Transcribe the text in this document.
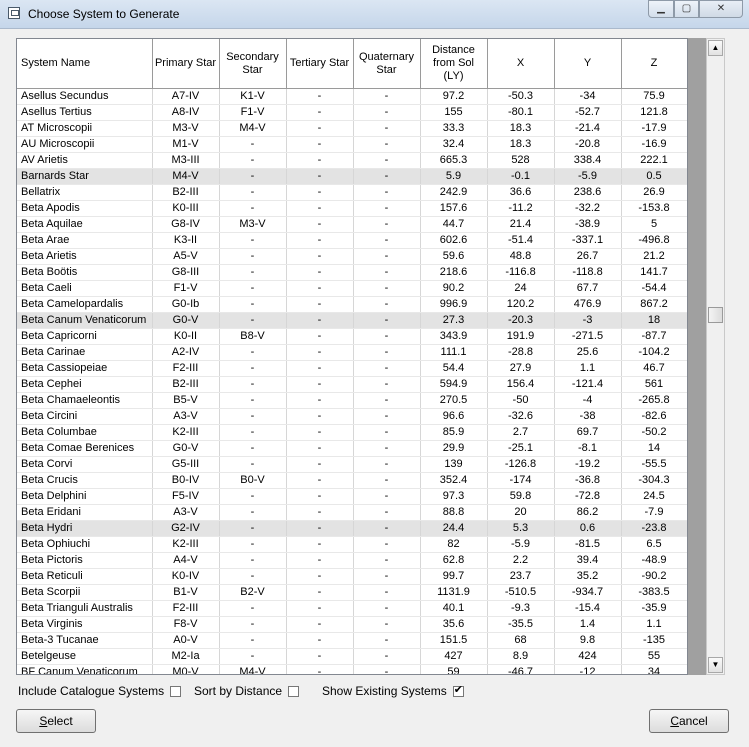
Choose System to Generate	▁	▢	✕
System Name	Primary Star	Secondary Star	Tertiary Star	Quaternary Star	Distance from Sol (LY)	X	Y	Z
Asellus Secundus	A7-IV	K1-V	-	-	97.2	-50.3	-34	75.9
Asellus Tertius	A8-IV	F1-V	-	-	155	-80.1	-52.7	121.8
AT Microscopii	M3-V	M4-V	-	-	33.3	18.3	-21.4	-17.9
AU Microscopii	M1-V	-	-	-	32.4	18.3	-20.8	-16.9
AV Arietis	M3-III	-	-	-	665.3	528	338.4	222.1
Barnards Star	M4-V	-	-	-	5.9	-0.1	-5.9	0.5
Bellatrix	B2-III	-	-	-	242.9	36.6	238.6	26.9
Beta Apodis	K0-III	-	-	-	157.6	-11.2	-32.2	-153.8
Beta Aquilae	G8-IV	M3-V	-	-	44.7	21.4	-38.9	5
Beta Arae	K3-II	-	-	-	602.6	-51.4	-337.1	-496.8
Beta Arietis	A5-V	-	-	-	59.6	48.8	26.7	21.2
Beta Boötis	G8-III	-	-	-	218.6	-116.8	-118.8	141.7
Beta Caeli	F1-V	-	-	-	90.2	24	67.7	-54.4
Beta Camelopardalis	G0-Ib	-	-	-	996.9	120.2	476.9	867.2
Beta Canum Venaticorum	G0-V	-	-	-	27.3	-20.3	-3	18
Beta Capricorni	K0-II	B8-V	-	-	343.9	191.9	-271.5	-87.7
Beta Carinae	A2-IV	-	-	-	111.1	-28.8	25.6	-104.2
Beta Cassiopeiae	F2-III	-	-	-	54.4	27.9	1.1	46.7
Beta Cephei	B2-III	-	-	-	594.9	156.4	-121.4	561
Beta Chamaeleontis	B5-V	-	-	-	270.5	-50	-4	-265.8
Beta Circini	A3-V	-	-	-	96.6	-32.6	-38	-82.6
Beta Columbae	K2-III	-	-	-	85.9	2.7	69.7	-50.2
Beta Comae Berenices	G0-V	-	-	-	29.9	-25.1	-8.1	14
Beta Corvi	G5-III	-	-	-	139	-126.8	-19.2	-55.5
Beta Crucis	B0-IV	B0-V	-	-	352.4	-174	-36.8	-304.3
Beta Delphini	F5-IV	-	-	-	97.3	59.8	-72.8	24.5
Beta Eridani	A3-V	-	-	-	88.8	20	86.2	-7.9
Beta Hydri	G2-IV	-	-	-	24.4	5.3	0.6	-23.8
Beta Ophiuchi	K2-III	-	-	-	82	-5.9	-81.5	6.5
Beta Pictoris	A4-V	-	-	-	62.8	2.2	39.4	-48.9
Beta Reticuli	K0-IV	-	-	-	99.7	23.7	35.2	-90.2
Beta Scorpii	B1-V	B2-V	-	-	1131.9	-510.5	-934.7	-383.5
Beta Trianguli Australis	F2-III	-	-	-	40.1	-9.3	-15.4	-35.9
Beta Virginis	F8-V	-	-	-	35.6	-35.5	1.4	1.1
Beta-3 Tucanae	A0-V	-	-	-	151.5	68	9.8	-135
Betelgeuse	M2-Ia	-	-	-	427	8.9	424	55
BF Canum Venaticorum	M0-V	M4-V	-	-	59	-46.7	-12	34
▲
▼
Include Catalogue Systems Sort by Distance	Show Existing Systems
✔
Select	Cancel
